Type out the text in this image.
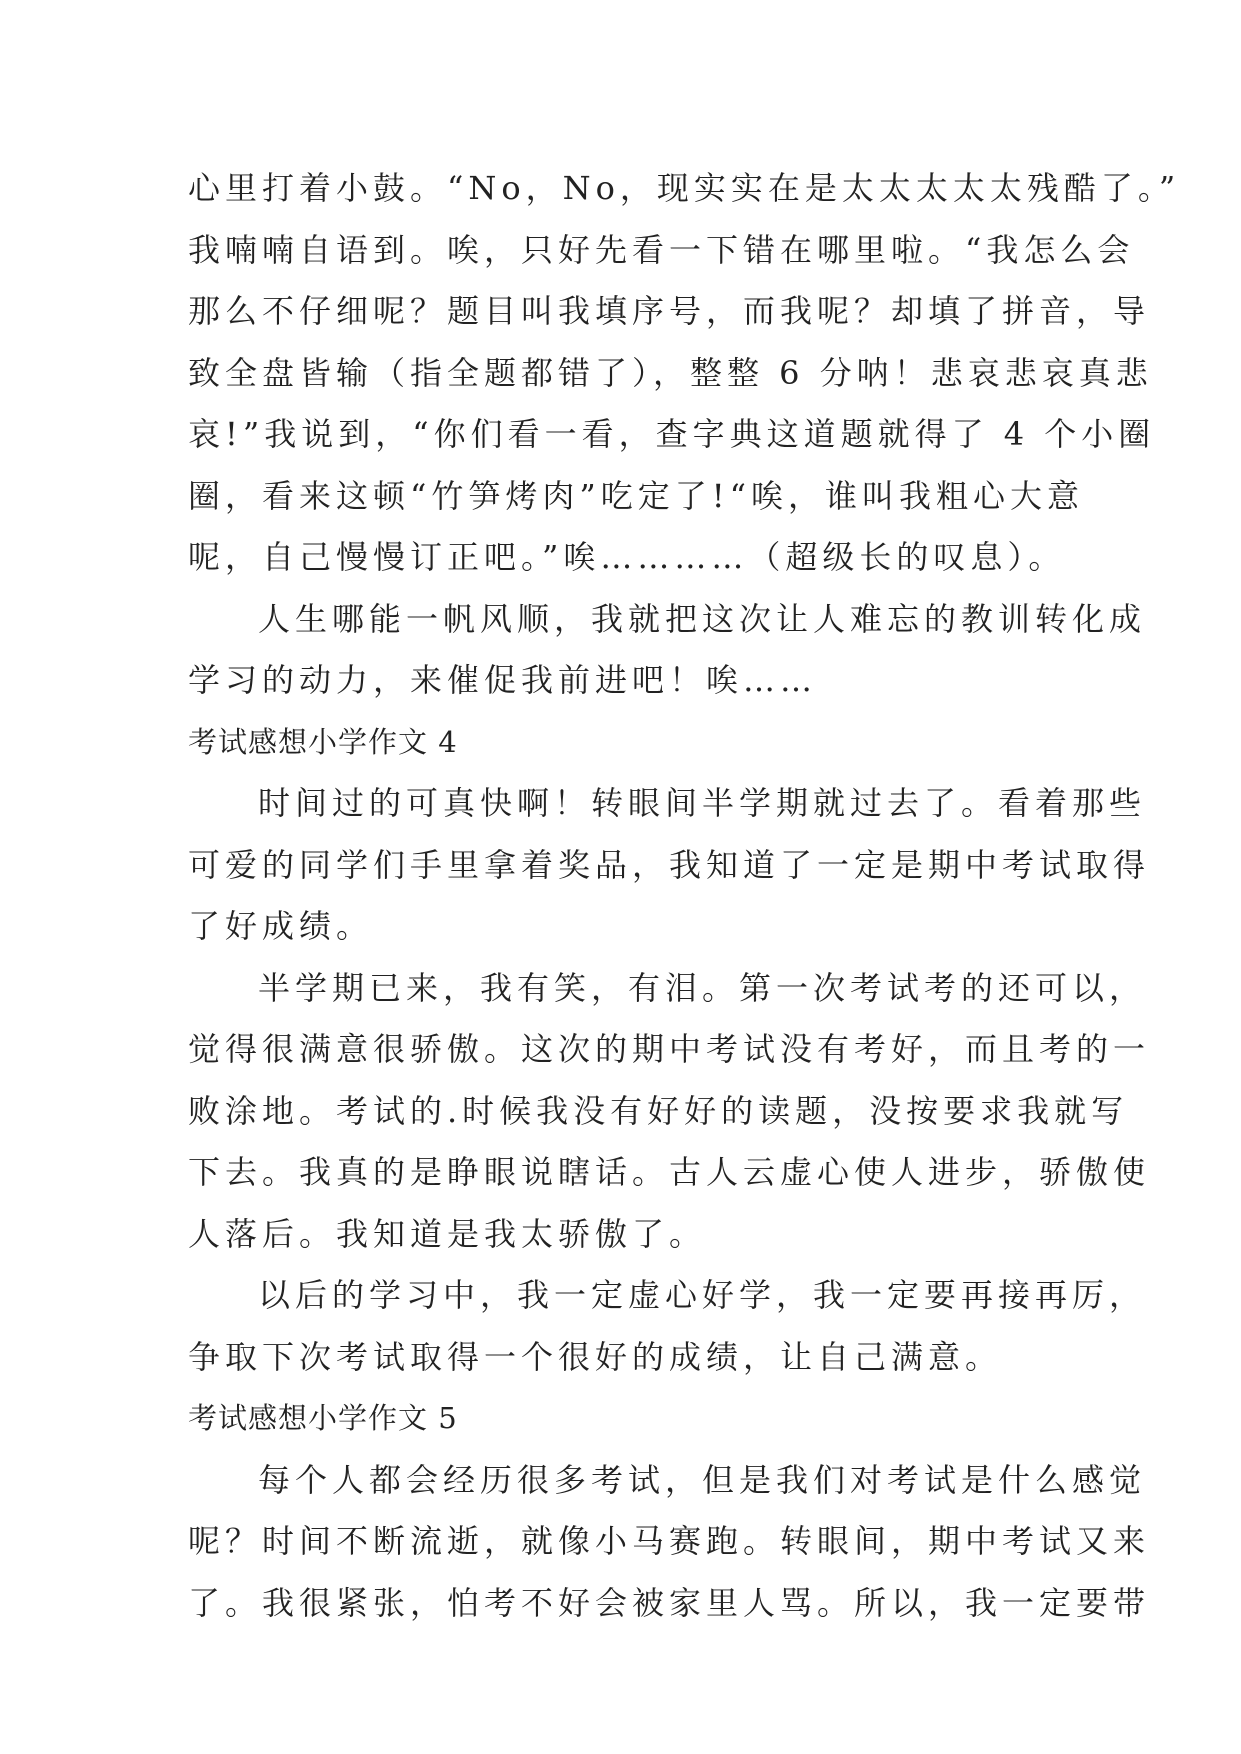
心里打着小鼓。“No，No，现实实在是太太太太太残酷了。”
我喃喃自语到。唉，只好先看一下错在哪里啦。“我怎么会
那么不仔细呢？题目叫我填序号，而我呢？却填了拼音，导
致全盘皆输（指全题都错了），整整 6 分呐！悲哀悲哀真悲
哀!”我说到，“你们看一看，查字典这道题就得了 4 个小圈
圈，看来这顿“竹笋烤肉”吃定了!“唉，谁叫我粗心大意
呢，自己慢慢订正吧。”唉…………（超级长的叹息）。
人生哪能一帆风顺，我就把这次让人难忘的教训转化成
学习的动力，来催促我前进吧！唉……
考试感想小学作文 4
时间过的可真快啊！转眼间半学期就过去了。看着那些
可爱的同学们手里拿着奖品，我知道了一定是期中考试取得
了好成绩。
半学期已来，我有笑，有泪。第一次考试考的还可以，
觉得很满意很骄傲。这次的期中考试没有考好，而且考的一
败涂地。考试的.时候我没有好好的读题，没按要求我就写
下去。我真的是睁眼说瞎话。古人云虚心使人进步，骄傲使
人落后。我知道是我太骄傲了。
以后的学习中，我一定虚心好学，我一定要再接再厉，
争取下次考试取得一个很好的成绩，让自己满意。
考试感想小学作文 5
每个人都会经历很多考试，但是我们对考试是什么感觉
呢？时间不断流逝，就像小马赛跑。转眼间，期中考试又来
了。我很紧张，怕考不好会被家里人骂。所以，我一定要带
